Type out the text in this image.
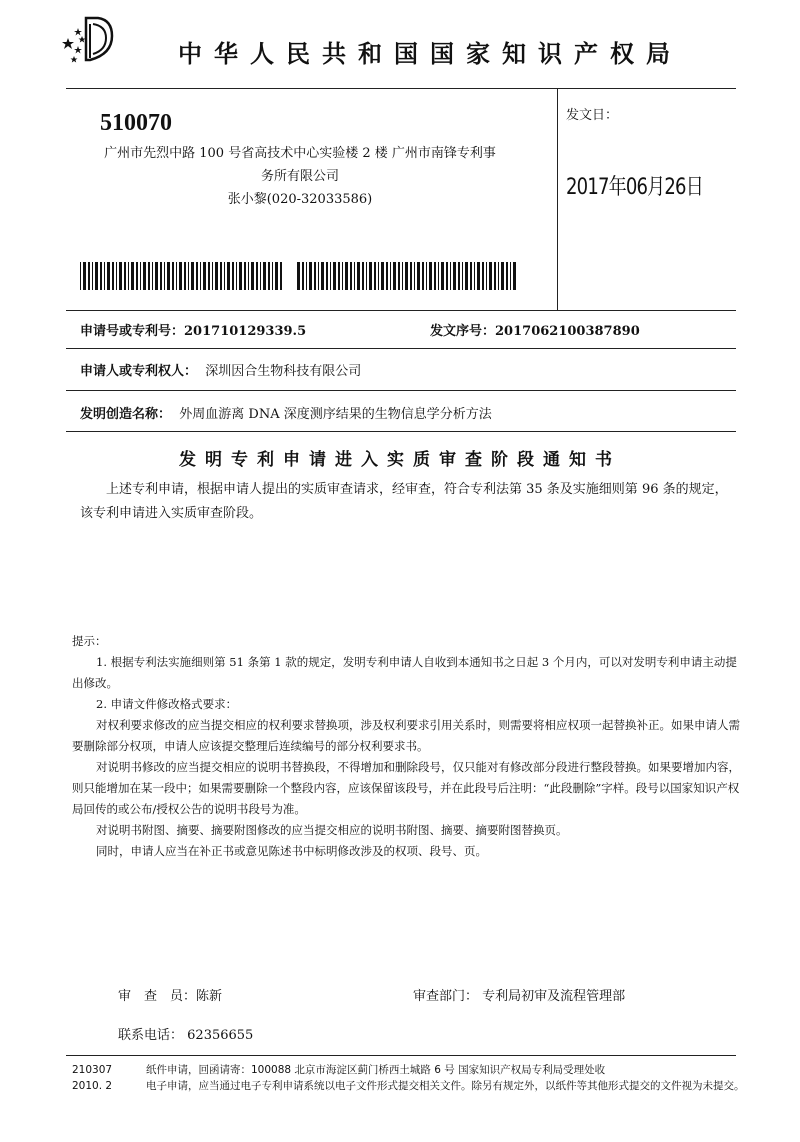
中华人民共和国国家知识产权局
510070
广州市先烈中路 100 号省高技术中心实验楼 2 楼 广州市南锋专利事
务所有限公司
张小黎(020-32033586)
发文日：
2017年06月26日
申请号或专利号：201710129339.5	发文序号：2017062100387890
申请人或专利权人： 深圳因合生物科技有限公司
发明创造名称： 外周血游离 DNA 深度测序结果的生物信息学分析方法
发明专利申请进入实质审查阶段通知书
上述专利申请，根据申请人提出的实质审查请求，经审查，符合专利法第 35 条及实施细则第 96 条的规定，该专利申请进入实质审查阶段。

提示：

1. 根据专利法实施细则第 51 条第 1 款的规定，发明专利申请人自收到本通知书之日起 3 个月内，可以对发明专利申请主动提出修改。

2. 申请文件修改格式要求：

对权利要求修改的应当提交相应的权利要求替换项，涉及权利要求引用关系时，则需要将相应权项一起替换补正。如果申请人需要删除部分权项，申请人应该提交整理后连续编号的部分权利要求书。

对说明书修改的应当提交相应的说明书替换段，不得增加和删除段号，仅只能对有修改部分段进行整段替换。如果要增加内容，则只能增加在某一段中；如果需要删除一个整段内容，应该保留该段号，并在此段号后注明：“此段删除”字样。段号以国家知识产权局回传的或公布/授权公告的说明书段号为准。

对说明书附图、摘要、摘要附图修改的应当提交相应的说明书附图、摘要、摘要附图替换页。

同时，申请人应当在补正书或意见陈述书中标明修改涉及的权项、段号、页。

审　查　员：陈新	审查部门： 专利局初审及流程管理部
联系电话： 62356655
210307
2010. 2
纸件申请，回函请寄：100088 北京市海淀区蓟门桥西土城路 6 号 国家知识产权局专利局受理处收
电子申请，应当通过电子专利申请系统以电子文件形式提交相关文件。除另有规定外，以纸件等其他形式提交的文件视为未提交。
